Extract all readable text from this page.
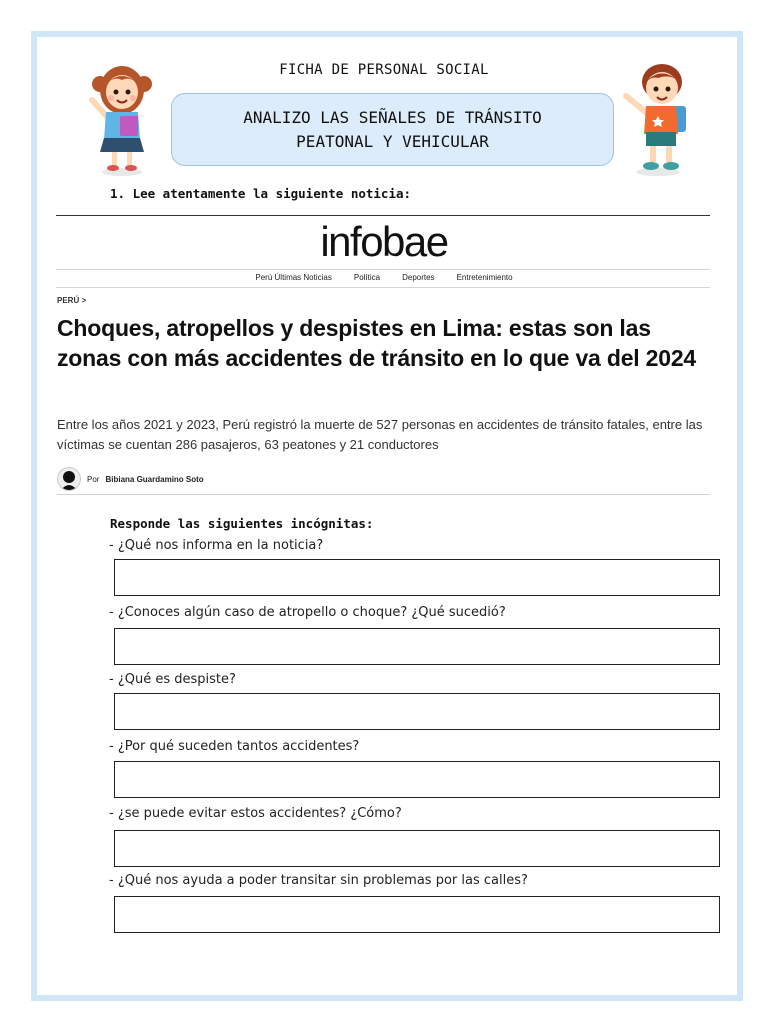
FICHA DE PERSONAL SOCIAL
ANALIZO LAS SEÑALES DE TRÁNSITO
PEATONAL Y VEHICULAR
1. Lee atentamente la siguiente noticia:
infobae
Perú Últimas Noticias	Política	Deportes	Entretenimiento
PERÚ >
Choques, atropellos y despistes en Lima: estas son las zonas con más accidentes de tránsito en lo que va del 2024
Entre los años 2021 y 2023, Perú registró la muerte de 527 personas en accidentes de tránsito fatales, entre las víctimas se cuentan 286 pasajeros, 63 peatones y 21 conductores
Por Bibiana Guardamino Soto
Responde las siguientes incógnitas:
- ¿Qué nos informa en la noticia?
- ¿Conoces algún caso de atropello o choque? ¿Qué sucedió?
- ¿Qué es despiste?
- ¿Por qué suceden tantos accidentes?
- ¿se puede evitar estos accidentes? ¿Cómo?
- ¿Qué nos ayuda a poder transitar sin problemas por las calles?
